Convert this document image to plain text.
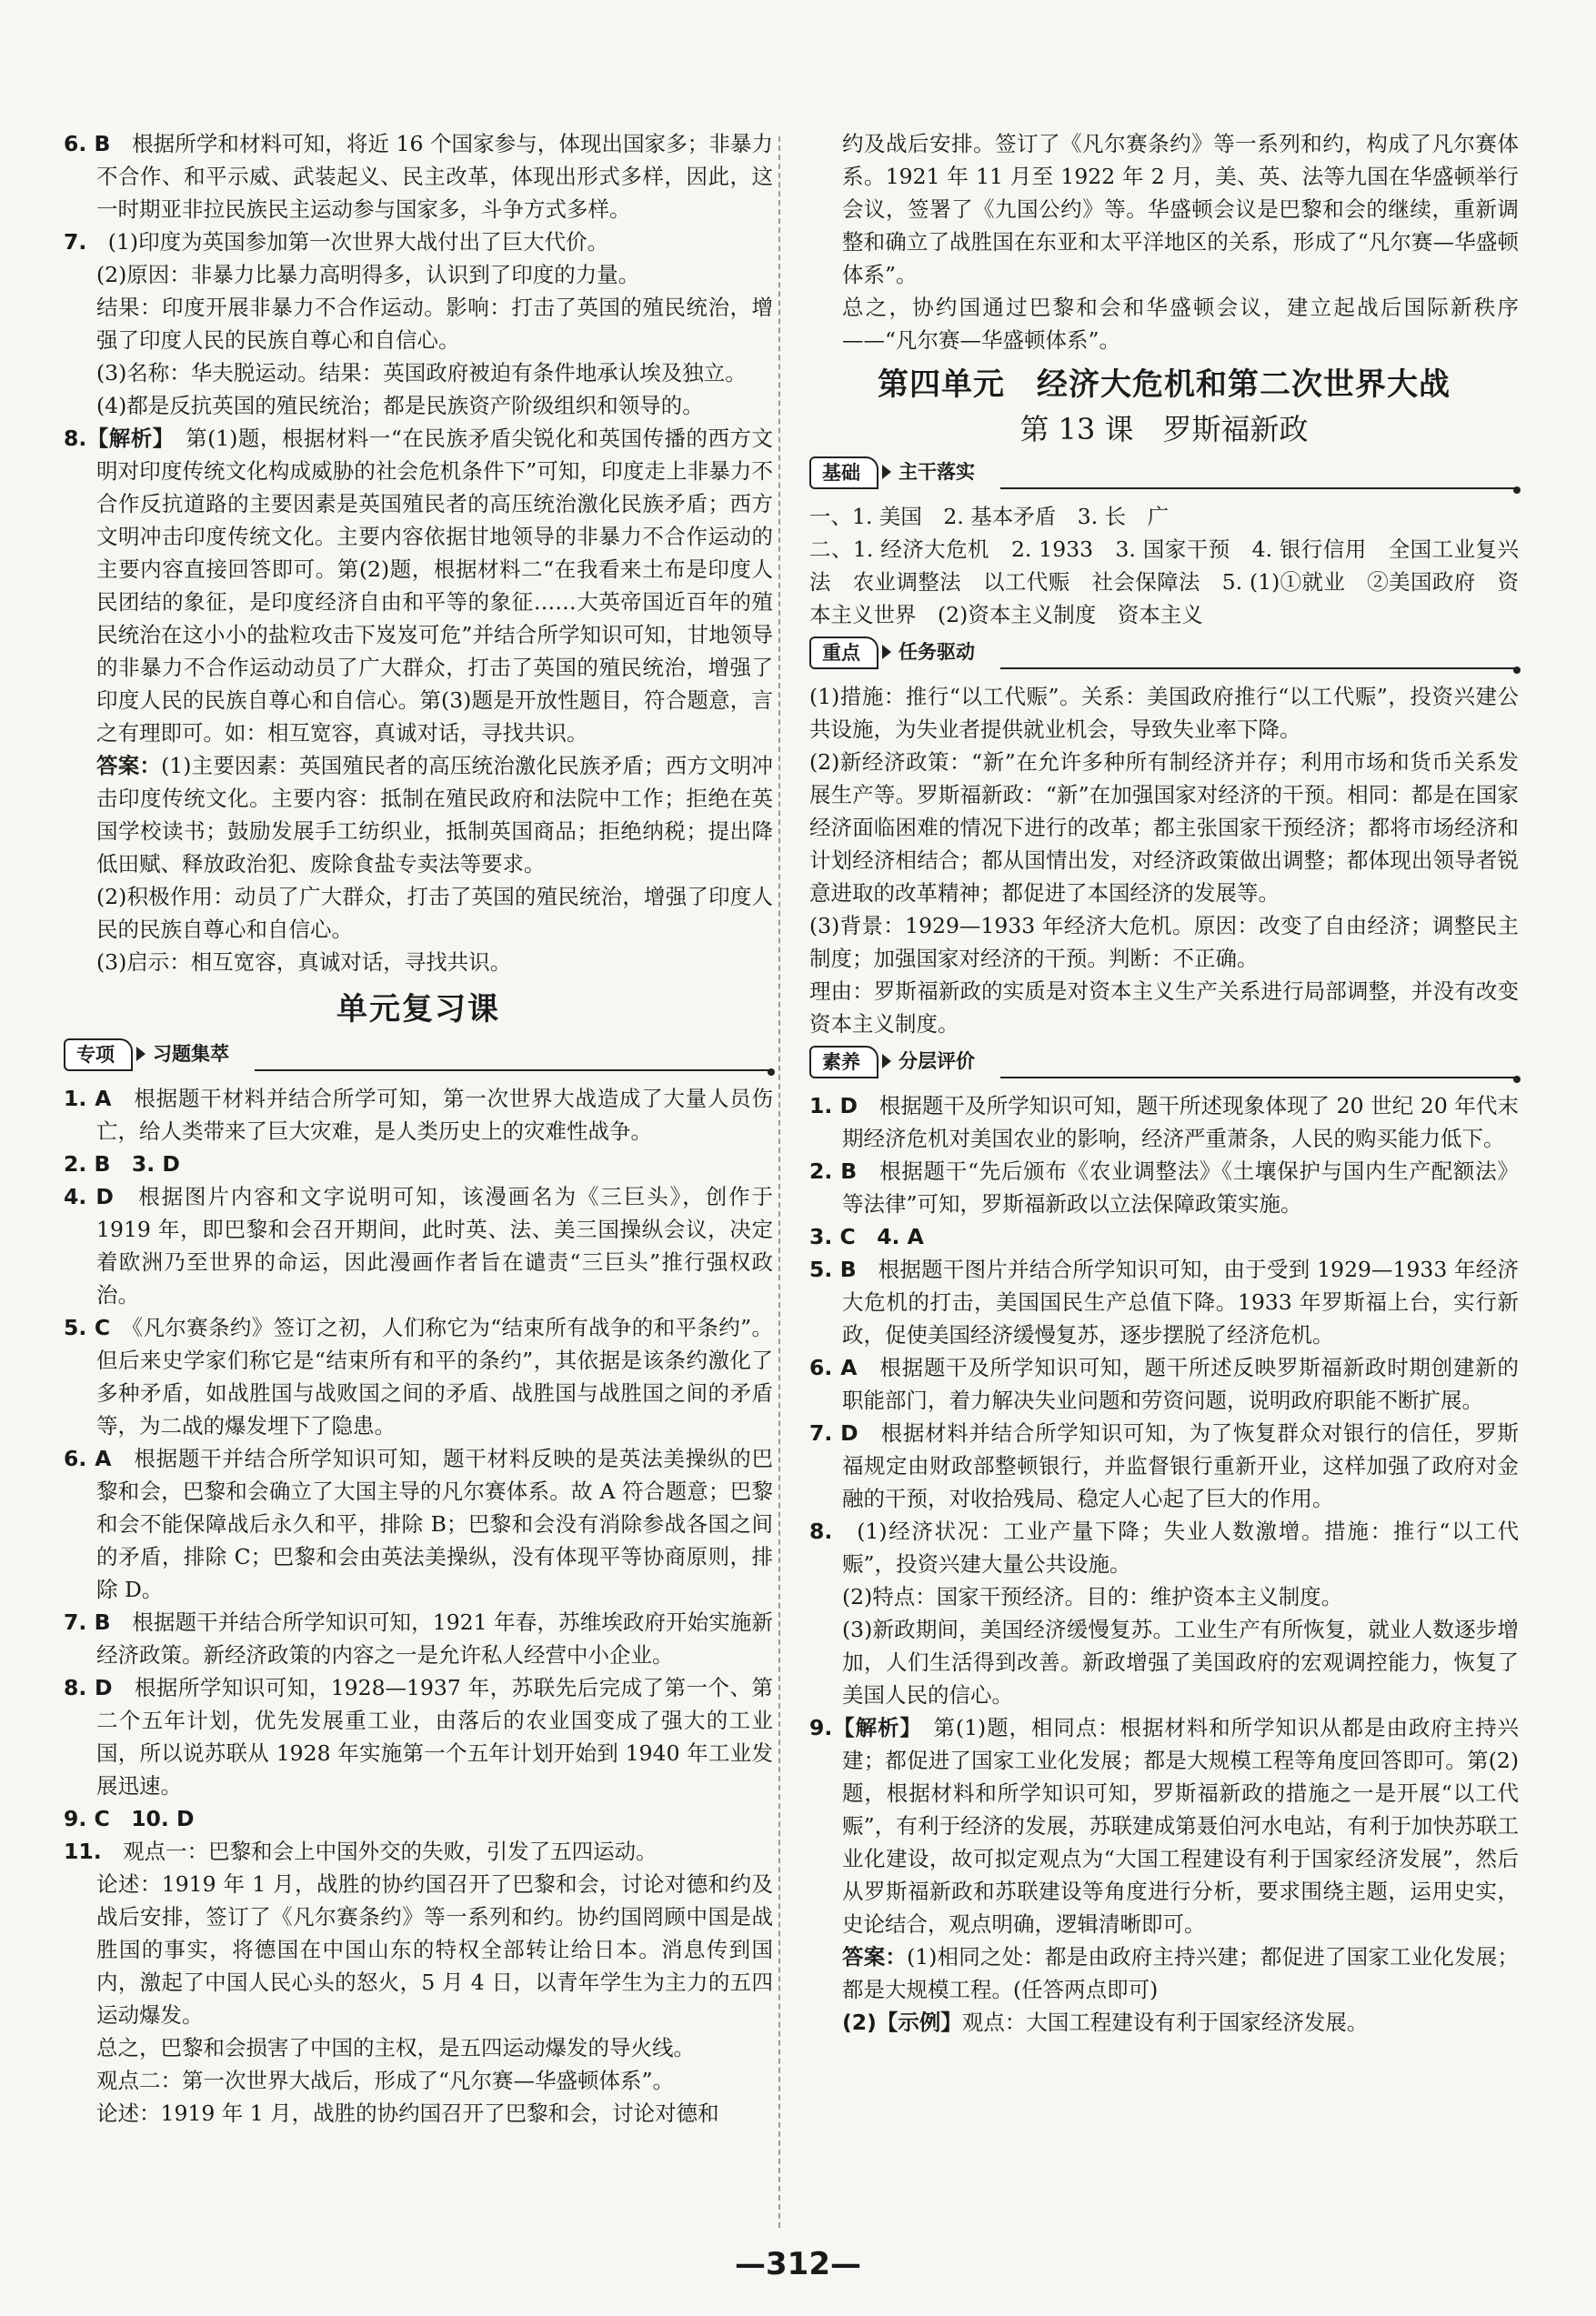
6. B　 根据所学和材料可知，将近 16 个国家参与，体现出国家多；非暴力不合作、和平示威、武装起义、民主改革，体现出形式多样，因此，这一时期亚非拉民族民主运动参与国家多，斗争方式多样。

7.　 (1)印度为英国参加第一次世界大战付出了巨大代价。

(2)原因：非暴力比暴力高明得多，认识到了印度的力量。

结果：印度开展非暴力不合作运动。影响：打击了英国的殖民统治，增强了印度人民的民族自尊心和自信心。

(3)名称：华夫脱运动。结果：英国政府被迫有条件地承认埃及独立。

(4)都是反抗英国的殖民统治；都是民族资产阶级组织和领导的。

8.【解析】　 第(1)题，根据材料一“在民族矛盾尖锐化和英国传播的西方文明对印度传统文化构成威胁的社会危机条件下”可知，印度走上非暴力不合作反抗道路的主要因素是英国殖民者的高压统治激化民族矛盾；西方文明冲击印度传统文化。主要内容依据甘地领导的非暴力不合作运动的主要内容直接回答即可。第(2)题，根据材料二“在我看来土布是印度人民团结的象征，是印度经济自由和平等的象征……大英帝国近百年的殖民统治在这小小的盐粒攻击下岌岌可危”并结合所学知识可知，甘地领导的非暴力不合作运动动员了广大群众，打击了英国的殖民统治，增强了印度人民的民族自尊心和自信心。第(3)题是开放性题目，符合题意，言之有理即可。如：相互宽容，真诚对话，寻找共识。

答案：(1)主要因素：英国殖民者的高压统治激化民族矛盾；西方文明冲击印度传统文化。主要内容：抵制在殖民政府和法院中工作；拒绝在英国学校读书；鼓励发展手工纺织业，抵制英国商品；拒绝纳税；提出降低田赋、释放政治犯、废除食盐专卖法等要求。

(2)积极作用：动员了广大群众，打击了英国的殖民统治，增强了印度人民的民族自尊心和自信心。

(3)启示：相互宽容，真诚对话，寻找共识。

单元复习课
专项	习题集萃

1. A　 根据题干材料并结合所学可知，第一次世界大战造成了大量人员伤亡，给人类带来了巨大灾难，是人类历史上的灾难性战争。

2. B　3. D

4. D　 根据图片内容和文字说明可知，该漫画名为《三巨头》，创作于 1919 年，即巴黎和会召开期间，此时英、法、美三国操纵会议，决定着欧洲乃至世界的命运，因此漫画作者旨在谴责“三巨头”推行强权政治。

5. C　 《凡尔赛条约》签订之初，人们称它为“结束所有战争的和平条约”。但后来史学家们称它是“结束所有和平的条约”，其依据是该条约激化了多种矛盾，如战胜国与战败国之间的矛盾、战胜国与战胜国之间的矛盾等，为二战的爆发埋下了隐患。

6. A　 根据题干并结合所学知识可知，题干材料反映的是英法美操纵的巴黎和会，巴黎和会确立了大国主导的凡尔赛体系。故 A 符合题意；巴黎和会不能保障战后永久和平，排除 B；巴黎和会没有消除参战各国之间的矛盾，排除 C；巴黎和会由英法美操纵，没有体现平等协商原则，排除 D。

7. B　 根据题干并结合所学知识可知，1921 年春，苏维埃政府开始实施新经济政策。新经济政策的内容之一是允许私人经营中小企业。

8. D　 根据所学知识可知，1928—1937 年，苏联先后完成了第一个、第二个五年计划，优先发展重工业，由落后的农业国变成了强大的工业国，所以说苏联从 1928 年实施第一个五年计划开始到 1940 年工业发展迅速。

9. C　10. D

11.　 观点一：巴黎和会上中国外交的失败，引发了五四运动。

论述：1919 年 1 月，战胜的协约国召开了巴黎和会，讨论对德和约及战后安排，签订了《凡尔赛条约》等一系列和约。协约国罔顾中国是战胜国的事实，将德国在中国山东的特权全部转让给日本。消息传到国内，激起了中国人民心头的怒火，5 月 4 日，以青年学生为主力的五四运动爆发。

总之，巴黎和会损害了中国的主权，是五四运动爆发的导火线。

观点二：第一次世界大战后，形成了“凡尔赛—华盛顿体系”。

论述：1919 年 1 月，战胜的协约国召开了巴黎和会，讨论对德和

约及战后安排。签订了《凡尔赛条约》等一系列和约，构成了凡尔赛体系。1921 年 11 月至 1922 年 2 月，美、英、法等九国在华盛顿举行会议，签署了《九国公约》等。华盛顿会议是巴黎和会的继续，重新调整和确立了战胜国在东亚和太平洋地区的关系，形成了“凡尔赛—华盛顿体系”。

总之，协约国通过巴黎和会和华盛顿会议，建立起战后国际新秩序——“凡尔赛—华盛顿体系”。

第四单元　经济大危机和第二次世界大战
第 13 课　罗斯福新政
基础	主干落实

一、1. 美国　2. 基本矛盾　3. 长　广

二、1. 经济大危机　2. 1933　3. 国家干预　4. 银行信用　全国工业复兴法　农业调整法　以工代赈　社会保障法　5. (1)①就业　②美国政府　资本主义世界　(2)资本主义制度　资本主义

重点	任务驱动

(1)措施：推行“以工代赈”。关系：美国政府推行“以工代赈”，投资兴建公共设施，为失业者提供就业机会，导致失业率下降。

(2)新经济政策：“新”在允许多种所有制经济并存；利用市场和货币关系发展生产等。罗斯福新政：“新”在加强国家对经济的干预。相同：都是在国家经济面临困难的情况下进行的改革；都主张国家干预经济；都将市场经济和计划经济相结合；都从国情出发，对经济政策做出调整；都体现出领导者锐意进取的改革精神；都促进了本国经济的发展等。

(3)背景：1929—1933 年经济大危机。原因：改变了自由经济；调整民主制度；加强国家对经济的干预。判断：不正确。

理由：罗斯福新政的实质是对资本主义生产关系进行局部调整，并没有改变资本主义制度。

素养	分层评价

1. D　 根据题干及所学知识可知，题干所述现象体现了 20 世纪 20 年代末期经济危机对美国农业的影响，经济严重萧条，人民的购买能力低下。

2. B　 根据题干“先后颁布《农业调整法》《土壤保护与国内生产配额法》等法律”可知，罗斯福新政以立法保障政策实施。

3. C　4. A

5. B　 根据题干图片并结合所学知识可知，由于受到 1929—1933 年经济大危机的打击，美国国民生产总值下降。1933 年罗斯福上台，实行新政，促使美国经济缓慢复苏，逐步摆脱了经济危机。

6. A　 根据题干及所学知识可知，题干所述反映罗斯福新政时期创建新的职能部门，着力解决失业问题和劳资问题，说明政府职能不断扩展。

7. D　 根据材料并结合所学知识可知，为了恢复群众对银行的信任，罗斯福规定由财政部整顿银行，并监督银行重新开业，这样加强了政府对金融的干预，对收拾残局、稳定人心起了巨大的作用。

8.　 (1)经济状况：工业产量下降；失业人数激增。措施：推行“以工代赈”，投资兴建大量公共设施。

(2)特点：国家干预经济。目的：维护资本主义制度。

(3)新政期间，美国经济缓慢复苏。工业生产有所恢复，就业人数逐步增加，人们生活得到改善。新政增强了美国政府的宏观调控能力，恢复了美国人民的信心。

9.【解析】　 第(1)题，相同点：根据材料和所学知识从都是由政府主持兴建；都促进了国家工业化发展；都是大规模工程等角度回答即可。第(2)题，根据材料和所学知识可知，罗斯福新政的措施之一是开展“以工代赈”，有利于经济的发展，苏联建成第聂伯河水电站，有利于加快苏联工业化建设，故可拟定观点为“大国工程建设有利于国家经济发展”，然后从罗斯福新政和苏联建设等角度进行分析，要求围绕主题，运用史实，史论结合，观点明确，逻辑清晰即可。

答案：(1)相同之处：都是由政府主持兴建；都促进了国家工业化发展；都是大规模工程。(任答两点即可)

(2)【示例】观点：大国工程建设有利于国家经济发展。

—312—
